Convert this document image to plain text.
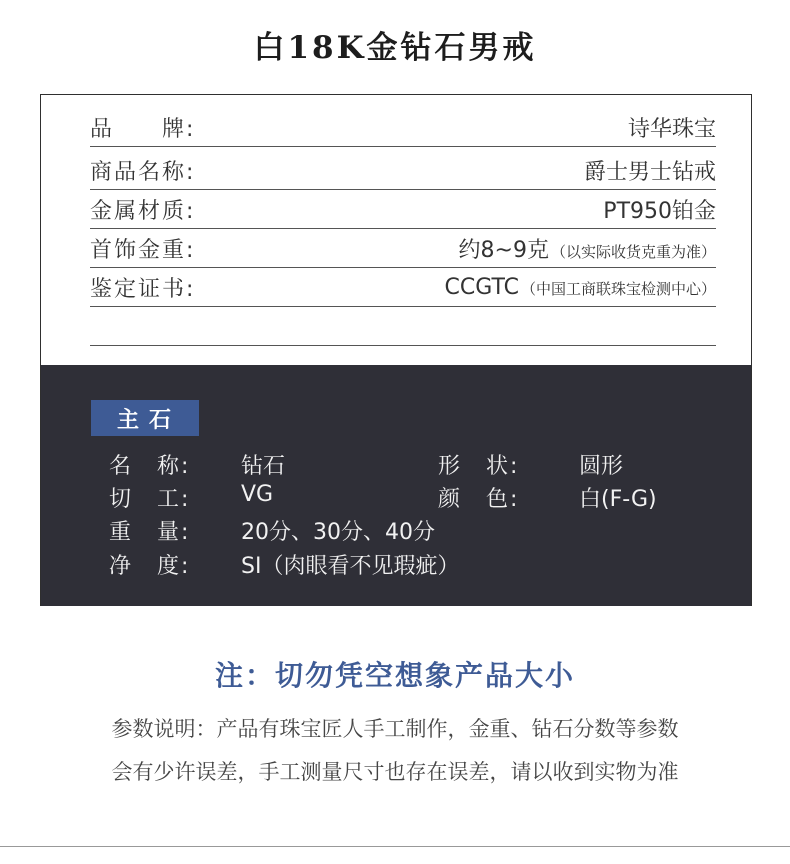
白18K金钻石男戒
品　　牌:	诗华珠宝
商品名称:	爵士男士钻戒
金属材质:	PT950铂金
首饰金重:	约8~9克 （以实际收货克重为准）
鉴定证书:	CCGTC （中国工商联珠宝检测中心）
主石
名　称: 钻石	形　状:	圆形
切　工: VG	颜　色:	白(F-G)
重　量: 20分、30分、40分
净　度: SI（肉眼看不见瑕疵）
注：切勿凭空想象产品大小
参数说明：产品有珠宝匠人手工制作，金重、钻石分数等参数
会有少许误差，手工测量尺寸也存在误差，请以收到实物为准
